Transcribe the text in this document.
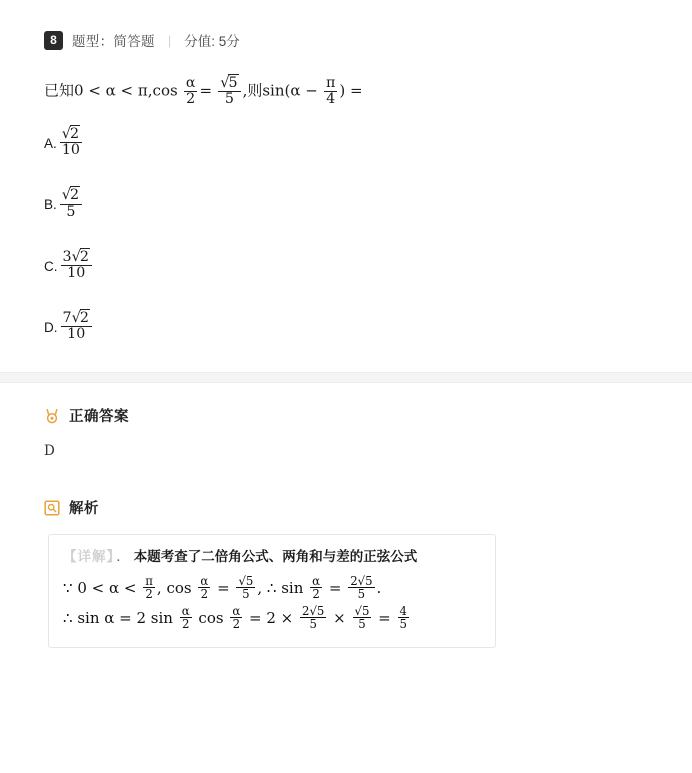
8	题型：简答题 | 分值: 5分
已知$0 < \alpha < \pi,\cos \frac{\alpha}{2} = \frac{√5}{5}$ ,则$\sin(\alpha - \frac{\pi}{4}$ ) =
A. $\frac{√2}{10}$
B. $\frac{√2}{5}$
C. $\frac{3√2}{10}$
D. $\frac{7√2}{10}$
正确答案
D
解析
【详解】 ． 本题考查了二倍角公式、两角和与差的正弦公式
∵ $0 < \alpha < \frac{\pi}{2}$ , $\cos \frac{\alpha}{2} = \frac{√5}{5}$ , ∴ $\sin \frac{\alpha}{2} = \frac{2√5}{5}$ .
∴ sin α = 2 $\sin \frac{\alpha}{2}$ $\cos \frac{\alpha}{2} = 2 \times \frac{2√5}{5} \times \frac{√5}{5} = \frac{4}{5}$
